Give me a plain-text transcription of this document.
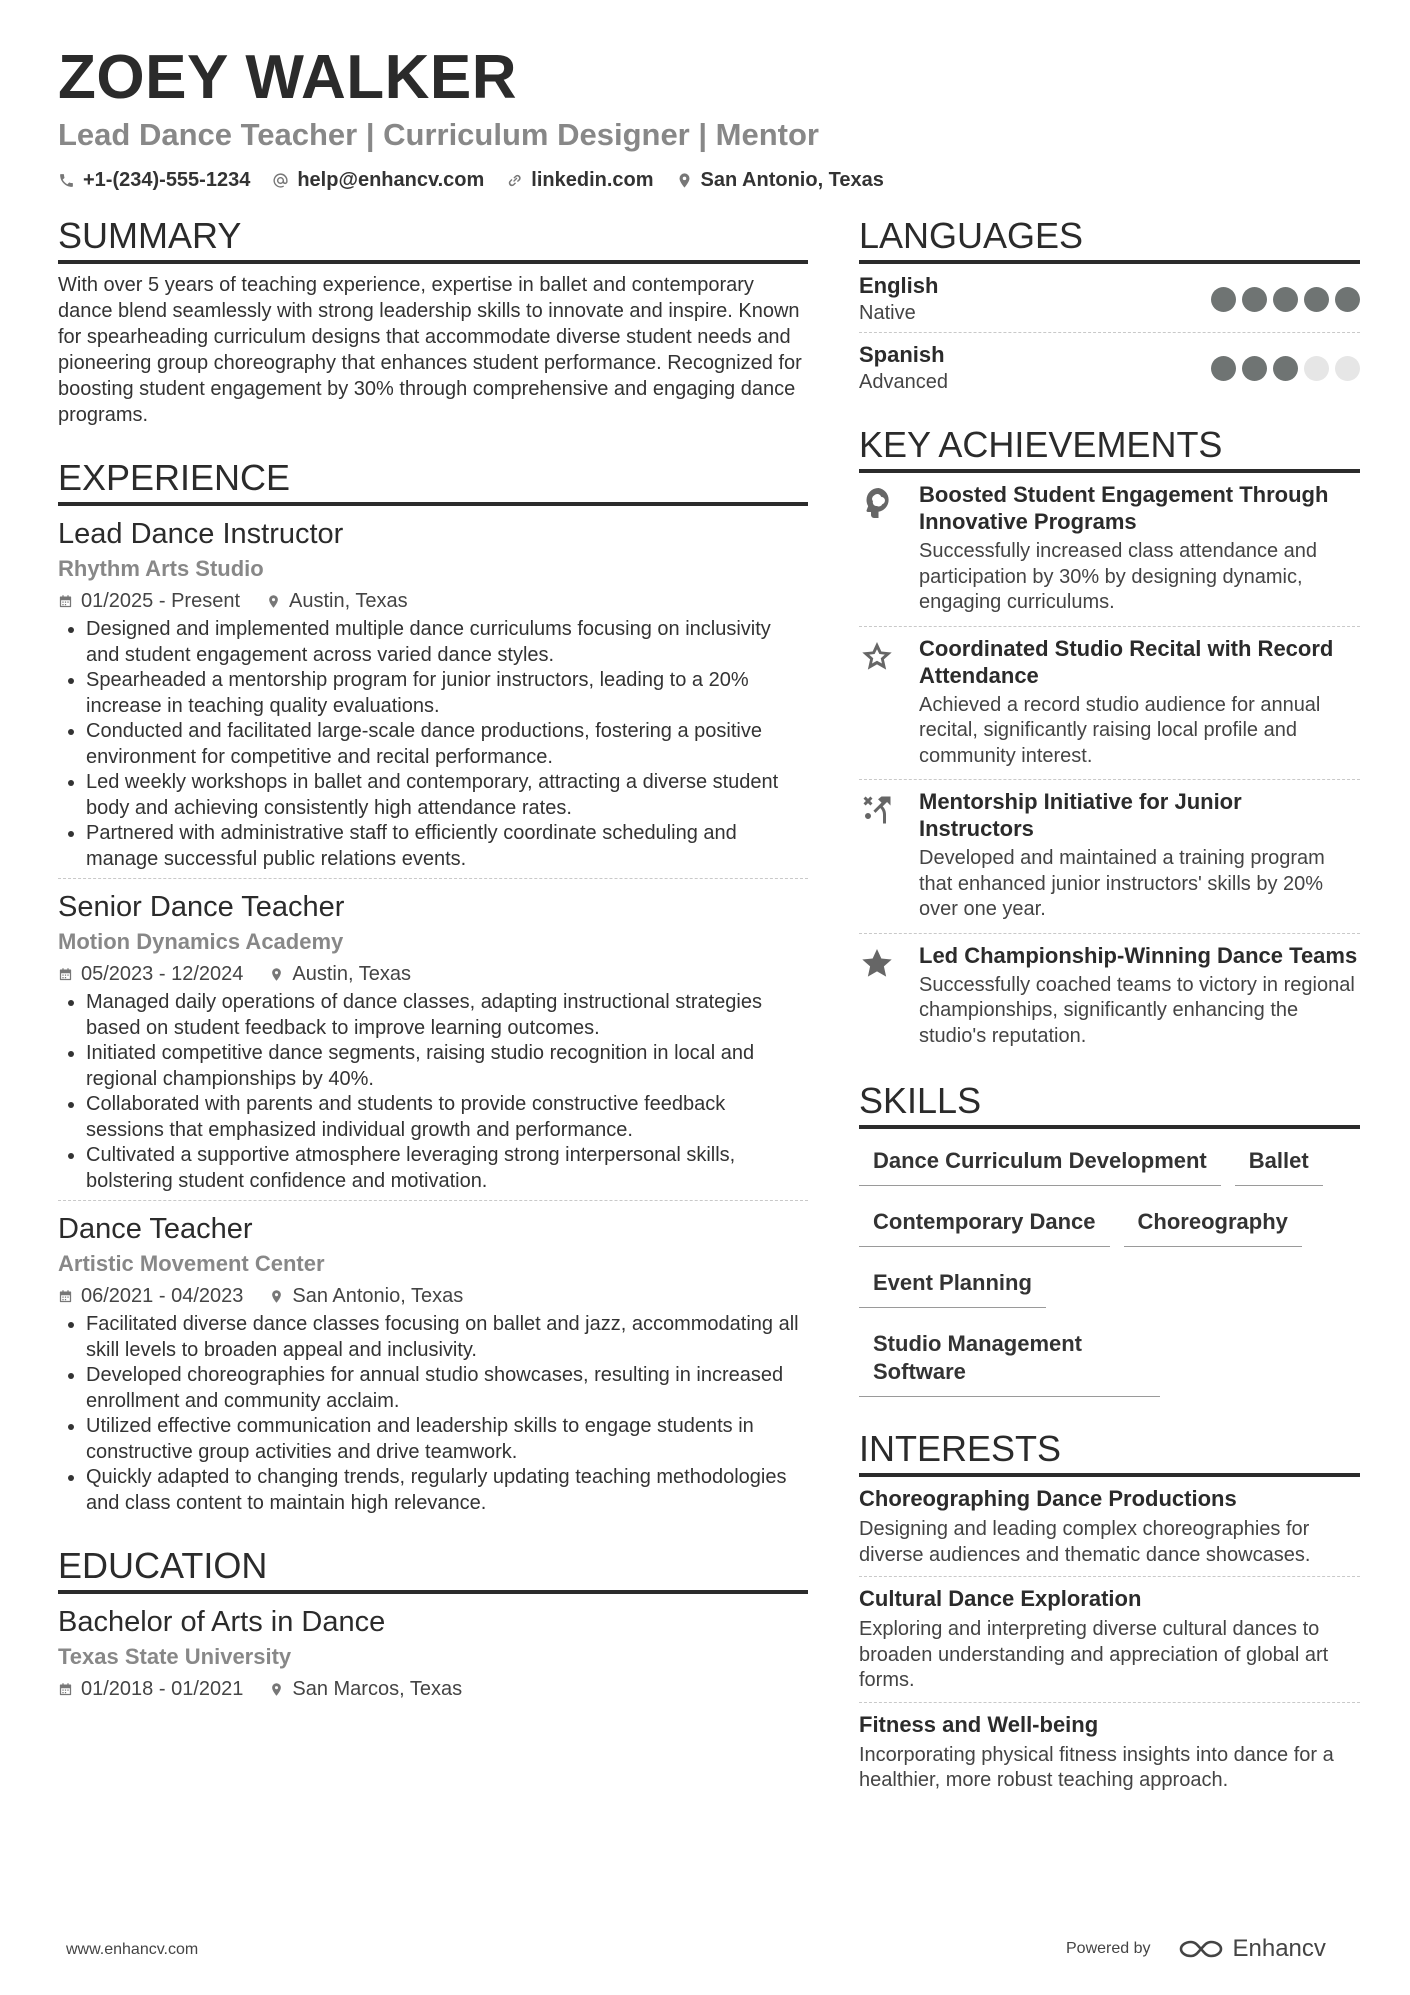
ZOEY WALKER
Lead Dance Teacher | Curriculum Designer | Mentor
+1-(234)-555-1234 help@enhancv.com linkedin.com San Antonio, Texas
SUMMARY
With over 5 years of teaching experience, expertise in ballet and contemporary dance blend seamlessly with strong leadership skills to innovate and inspire. Known for spearheading curriculum designs that accommodate diverse student needs and pioneering group choreography that enhances student performance. Recognized for boosting student engagement by 30% through comprehensive and engaging dance programs.
EXPERIENCE
Lead Dance Instructor
Rhythm Arts Studio
01/2025 - Present Austin, Texas
• Designed and implemented multiple dance curriculums focusing on inclusivity and student engagement across varied dance styles.
• Spearheaded a mentorship program for junior instructors, leading to a 20% increase in teaching quality evaluations.
• Conducted and facilitated large-scale dance productions, fostering a positive environment for competitive and recital performance.
• Led weekly workshops in ballet and contemporary, attracting a diverse student body and achieving consistently high attendance rates.
• Partnered with administrative staff to efficiently coordinate scheduling and manage successful public relations events.
Senior Dance Teacher
Motion Dynamics Academy
05/2023 - 12/2024 Austin, Texas
• Managed daily operations of dance classes, adapting instructional strategies based on student feedback to improve learning outcomes.
• Initiated competitive dance segments, raising studio recognition in local and regional championships by 40%.
• Collaborated with parents and students to provide constructive feedback sessions that emphasized individual growth and performance.
• Cultivated a supportive atmosphere leveraging strong interpersonal skills, bolstering student confidence and motivation.
Dance Teacher
Artistic Movement Center
06/2021 - 04/2023 San Antonio, Texas
• Facilitated diverse dance classes focusing on ballet and jazz, accommodating all skill levels to broaden appeal and inclusivity.
• Developed choreographies for annual studio showcases, resulting in increased enrollment and community acclaim.
• Utilized effective communication and leadership skills to engage students in constructive group activities and drive teamwork.
• Quickly adapted to changing trends, regularly updating teaching methodologies and class content to maintain high relevance.
EDUCATION
Bachelor of Arts in Dance
Texas State University
01/2018 - 01/2021 San Marcos, Texas
LANGUAGES
English
Native
Spanish
Advanced
KEY ACHIEVEMENTS
Boosted Student Engagement Through Innovative Programs
Successfully increased class attendance and participation by 30% by designing dynamic, engaging curriculums.
Coordinated Studio Recital with Record Attendance
Achieved a record studio audience for annual recital, significantly raising local profile and community interest.
Mentorship Initiative for Junior Instructors
Developed and maintained a training program that enhanced junior instructors' skills by 20% over one year.
Led Championship-Winning Dance Teams
Successfully coached teams to victory in regional championships, significantly enhancing the studio's reputation.
SKILLS
Dance Curriculum Development	Ballet
Contemporary Dance	Choreography
Event Planning
Studio Management Software
INTERESTS
Choreographing Dance Productions
Designing and leading complex choreographies for diverse audiences and thematic dance showcases.
Cultural Dance Exploration
Exploring and interpreting diverse cultural dances to broaden understanding and appreciation of global art forms.
Fitness and Well-being
Incorporating physical fitness insights into dance for a healthier, more robust teaching approach.
www.enhancv.com	Powered by	Enhancv
